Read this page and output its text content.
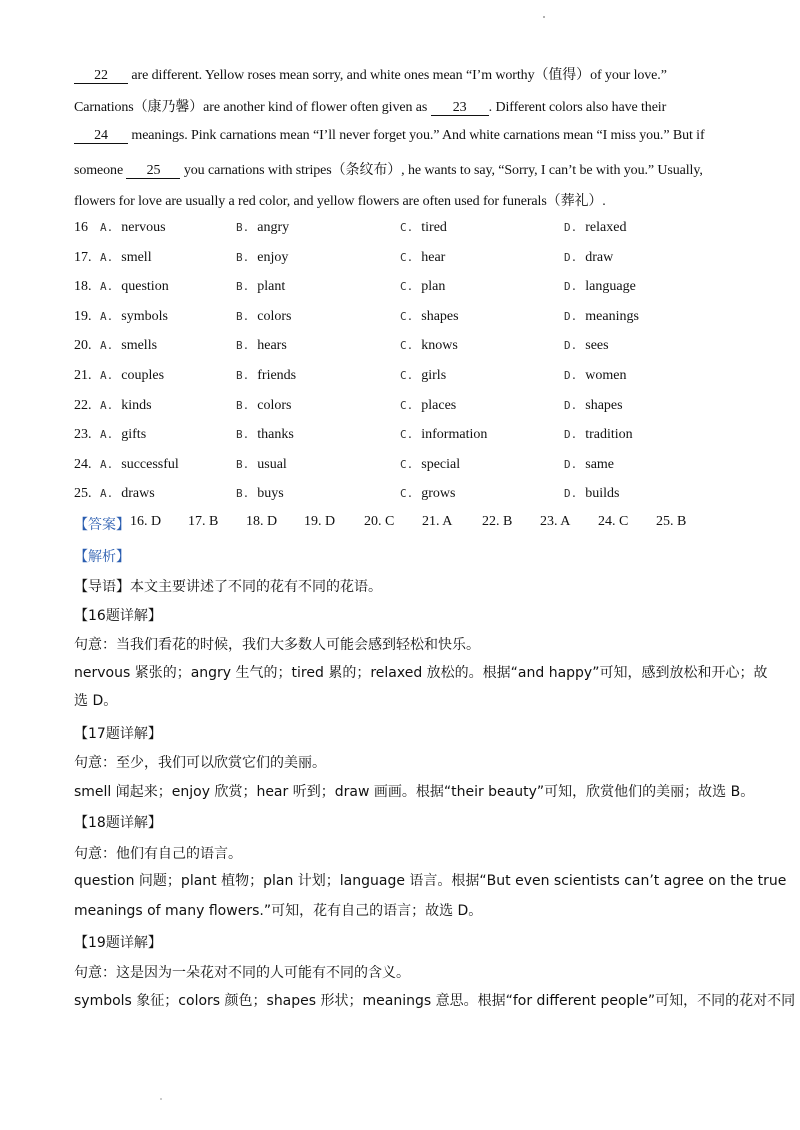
22 are different. Yellow roses mean sorry, and white ones mean “I’m worthy（值得）of your love.”
Carnations（康乃馨）are another kind of flower often given as 23 . Different colors also have their
24 meanings. Pink carnations mean “I’ll never forget you.” And white carnations mean “I miss you.” But if
someone 25 you carnations with stripes（条纹布）, he wants to say, “Sorry, I can’t be with you.” Usually,
flowers for love are usually a red color, and yellow flowers are often used for funerals（葬礼）.
16 A. nervous	B. angry	C. tired	D. relaxed
17. A. smell	B. enjoy	C. hear	D. draw
18. A. question	B. plant	C. plan	D. language
19. A. symbols	B. colors	C. shapes	D. meanings
20. A. smells	B. hears	C. knows	D. sees
21. A. couples	B. friends	C. girls	D. women
22. A. kinds	B. colors	C. places	D. shapes
23. A. gifts	B. thanks	C. information	D. tradition
24. A. successful	B. usual	C. special	D. same
25. A. draws	B. buys	C. grows	D. builds
【答案】 16. D 17. B 18. D 19. D 20. C 21. A 22. B 23. A 24. C 25. B
【解析】
【导语】本文主要讲述了不同的花有不同的花语。
【16题详解】
句意：当我们看花的时候，我们大多数人可能会感到轻松和快乐。
nervous 紧张的；angry 生气的；tired 累的；relaxed 放松的。根据“and happy”可知，感到放松和开心；故
选 D。
【17题详解】
句意：至少，我们可以欣赏它们的美丽。
smell 闻起来；enjoy 欣赏；hear 听到；draw 画画。根据“their beauty”可知，欣赏他们的美丽；故选 B。
【18题详解】
句意：他们有自己的语言。
question 问题；plant 植物；plan 计划；language 语言。根据“But even scientists can’t agree on the true
meanings of many flowers.”可知，花有自己的语言；故选 D。
【19题详解】
句意：这是因为一朵花对不同的人可能有不同的含义。
symbols 象征；colors 颜色；shapes 形状；meanings 意思。根据“for different people”可知，不同的花对不同
